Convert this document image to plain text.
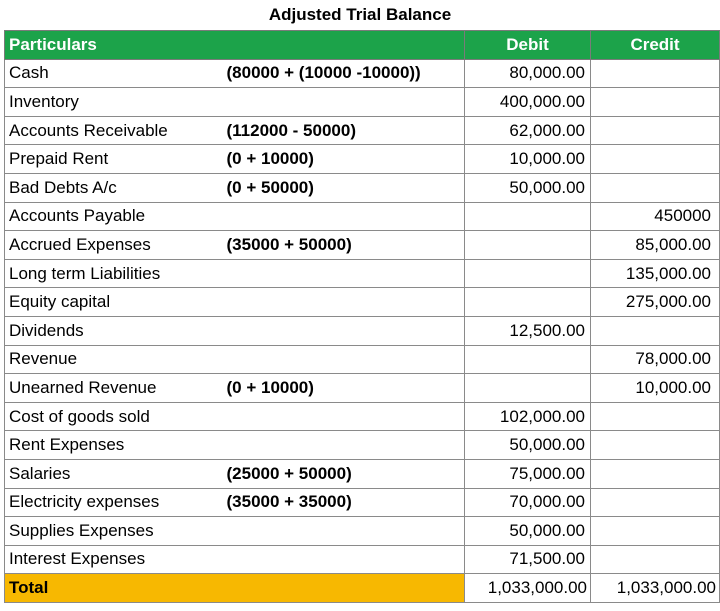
Adjusted Trial Balance
Particulars		Debit	Credit
Cash	(80000 + (10000 -10000))	80,000.00	
Inventory		400,000.00	
Accounts Receivable	(112000 - 50000)	62,000.00	
Prepaid Rent	(0 + 10000)	10,000.00	
Bad Debts A/c	(0 + 50000)	50,000.00	
Accounts Payable			450000
Accrued Expenses	(35000 + 50000)		85,000.00
Long term Liabilities			135,000.00
Equity capital			275,000.00
Dividends		12,500.00	
Revenue			78,000.00
Unearned Revenue	(0 + 10000)		10,000.00
Cost of goods sold		102,000.00	
Rent Expenses		50,000.00	
Salaries	(25000 + 50000)	75,000.00	
Electricity expenses	(35000 + 35000)	70,000.00	
Supplies Expenses		50,000.00	
Interest Expenses		71,500.00	
Total		1,033,000.00	1,033,000.00
